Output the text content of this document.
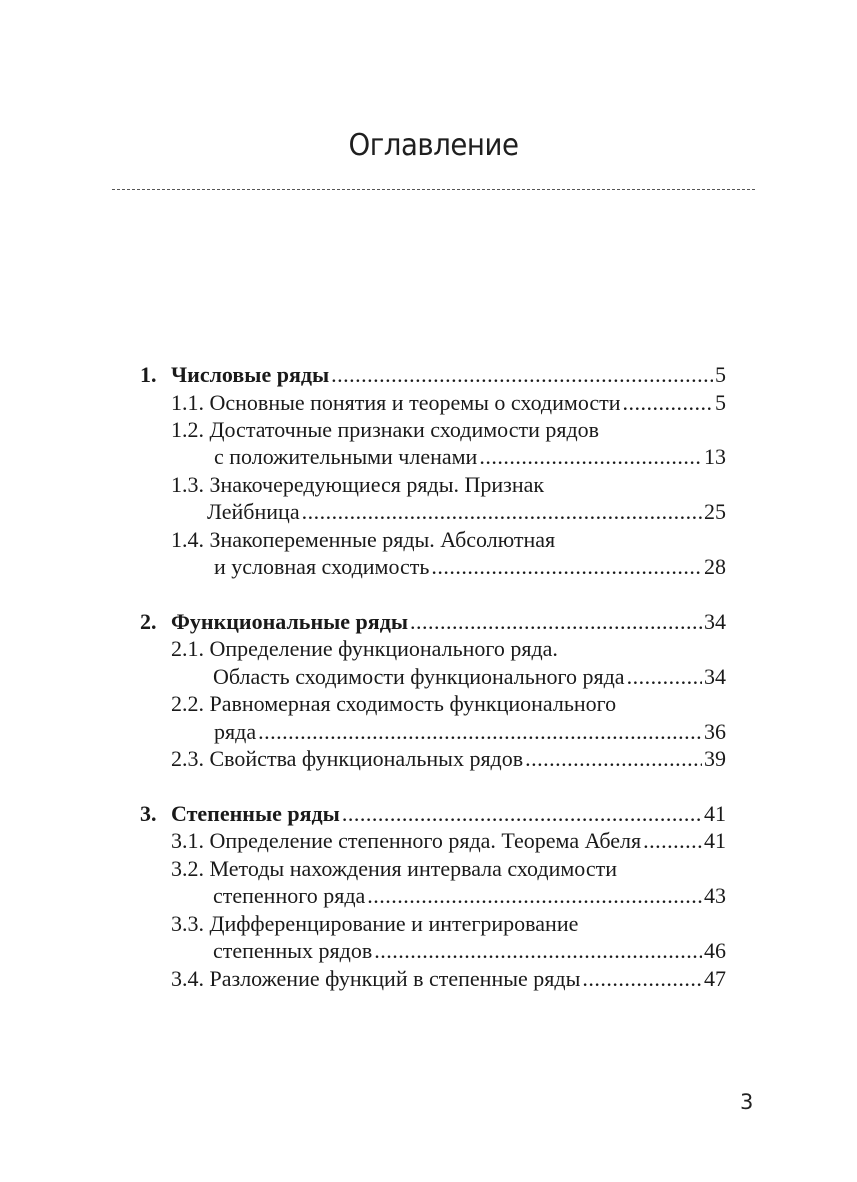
Оглавление
1. Числовые ряды .....	5
1.1. Основные понятия и теоремы о сходимости .....	5
1.2. Достаточные признаки сходимости рядов
с положительными членами .....	13
1.3. Знакочередующиеся ряды. Признак
Лейбница .....	25
1.4. Знакопеременные ряды. Абсолютная
и условная сходимость .....	28
2. Функциональные ряды .....	34
2.1. Определение функционального ряда.
Область сходимости функционального ряда .....	34
2.2. Равномерная сходимость функционального
ряда .....	36
2.3. Свойства функциональных рядов .....	39
3. Степенные ряды .....	41
3.1. Определение степенного ряда. Теорема Абеля .....	41
3.2. Методы нахождения интервала сходимости
степенного ряда .....	43
3.3. Дифференцирование и интегрирование
степенных рядов .....	46
3.4. Разложение функций в степенные ряды .....	47
3
